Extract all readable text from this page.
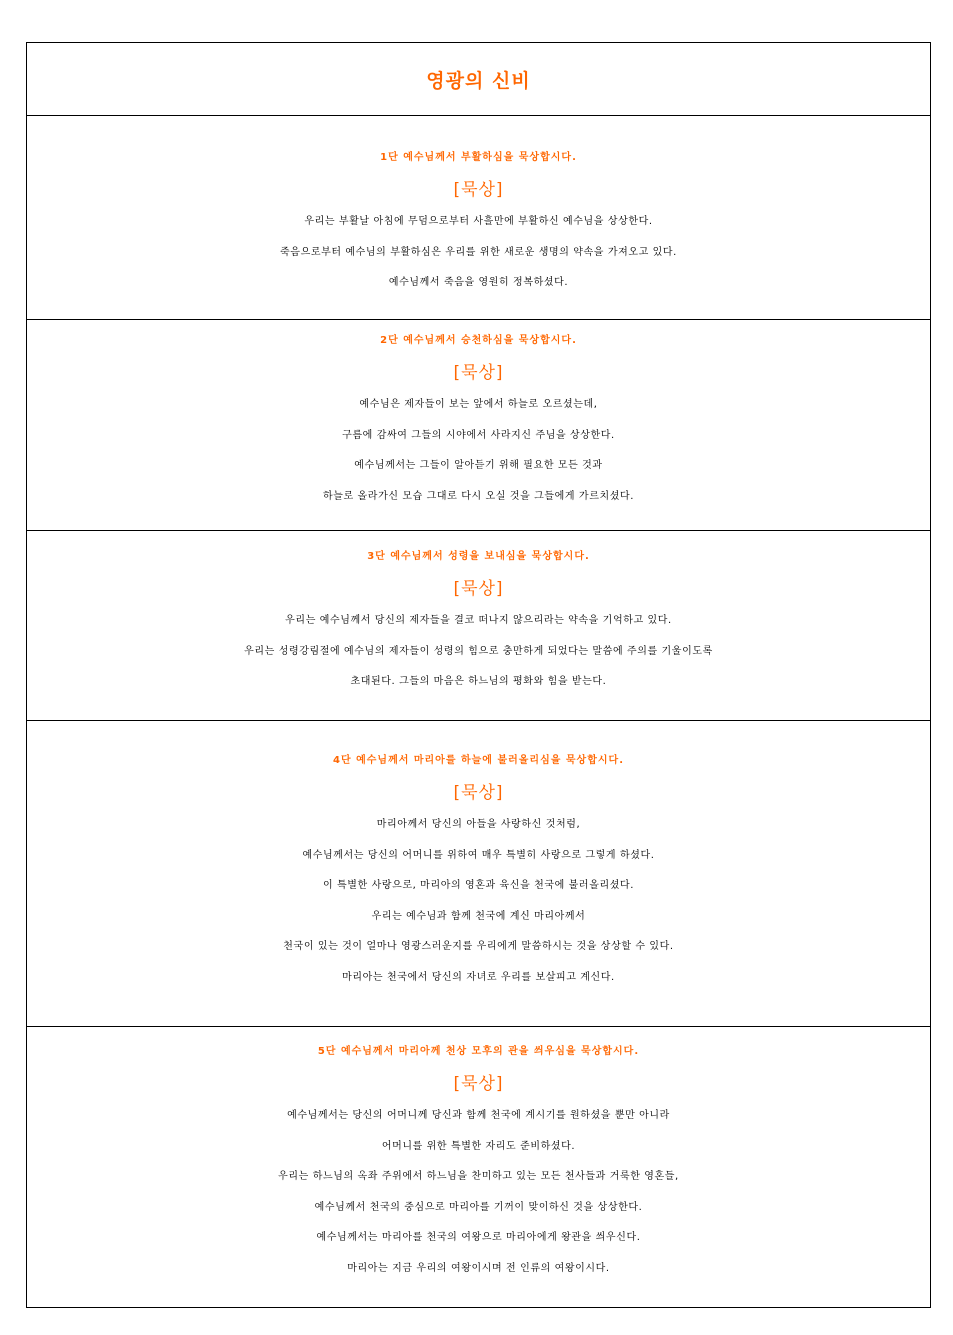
영광의 신비
1단 예수님께서 부활하심을 묵상합시다.
[묵상]
우리는 부활날 아침에 무덤으로부터 사흘만에 부활하신 예수님을 상상한다.
죽음으로부터 예수님의 부활하심은 우리를 위한 새로운 생명의 약속을 가져오고 있다.
예수님께서 죽음을 영원히 정복하셨다.
2단 예수님께서 승천하심을 묵상합시다.
[묵상]
예수님은 제자들이 보는 앞에서 하늘로 오르셨는데,
구름에 감싸여 그들의 시야에서 사라지신 주님을 상상한다.
예수님께서는 그들이 알아듣기 위해 필요한 모든 것과
하늘로 올라가신 모습 그대로 다시 오실 것을 그들에게 가르치셨다.
3단 예수님께서 성령을 보내심을 묵상합시다.
[묵상]
우리는 예수님께서 당신의 제자들을 결코 떠나지 않으리라는 약속을 기억하고 있다.
우리는 성령강림절에 예수님의 제자들이 성령의 힘으로 충만하게 되었다는 말씀에 주의를 기울이도록
초대된다. 그들의 마음은 하느님의 평화와 힘을 받는다.
4단 예수님께서 마리아를 하늘에 불러올리심을 묵상합시다.
[묵상]
마리아께서 당신의 아들을 사랑하신 것처럼,
예수님께서는 당신의 어머니를 위하여 매우 특별히 사랑으로 그렇게 하셨다.
이 특별한 사랑으로, 마리아의 영혼과 육신을 천국에 불러올리셨다.
우리는 예수님과 함께 천국에 계신 마리아께서
천국이 있는 것이 얼마나 영광스러운지를 우리에게 말씀하시는 것을 상상할 수 있다.
마리아는 천국에서 당신의 자녀로 우리를 보살피고 계신다.
5단 예수님께서 마리아께 천상 모후의 관을 씌우심을 묵상합시다.
[묵상]
예수님께서는 당신의 어머니께 당신과 함께 천국에 계시기를 원하셨을 뿐만 아니라
어머니를 위한 특별한 자리도 준비하셨다.
우리는 하느님의 옥좌 주위에서 하느님을 찬미하고 있는 모든 천사들과 거룩한 영혼들,
예수님께서 천국의 중심으로 마리아를 기꺼이 맞이하신 것을 상상한다.
예수님께서는 마리아를 천국의 여왕으로 마리아에게 왕관을 씌우신다.
마리아는 지금 우리의 여왕이시며 전 인류의 여왕이시다.
